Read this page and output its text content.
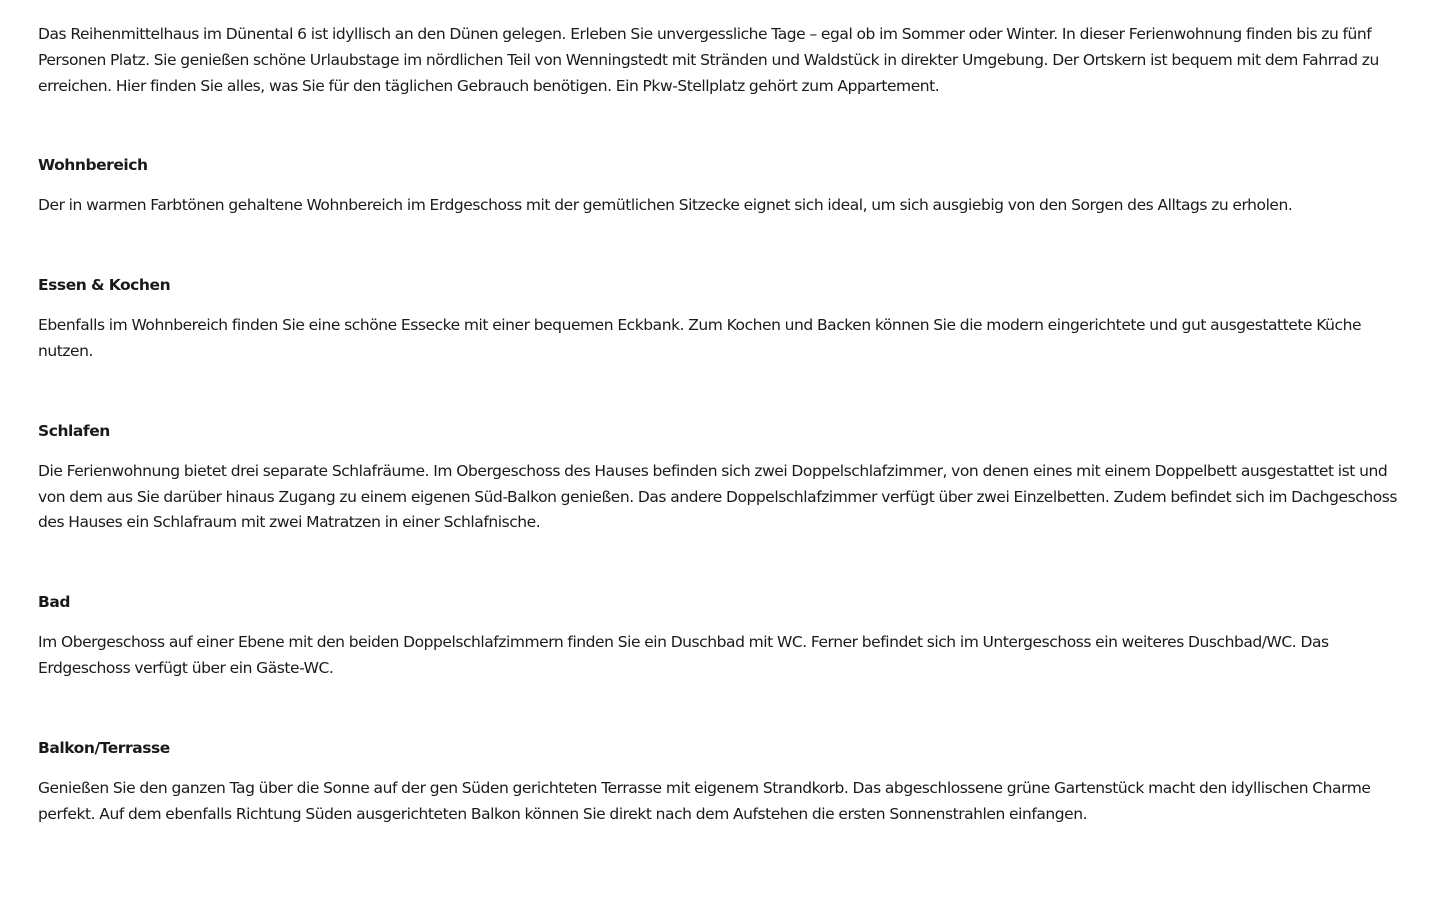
Das Reihenmittelhaus im Dünental 6 ist idyllisch an den Dünen gelegen. Erleben Sie unvergessliche Tage – egal ob im Sommer oder Winter. In dieser Ferienwohnung finden bis zu fünf Personen Platz. Sie genießen schöne Urlaubstage im nördlichen Teil von Wenningstedt mit Stränden und Waldstück in direkter Umgebung. Der Ortskern ist bequem mit dem Fahrrad zu erreichen. Hier finden Sie alles, was Sie für den täglichen Gebrauch benötigen. Ein Pkw-Stellplatz gehört zum Appartement.

Wohnbereich

Der in warmen Farbtönen gehaltene Wohnbereich im Erdgeschoss mit der gemütlichen Sitzecke eignet sich ideal, um sich ausgiebig von den Sorgen des Alltags zu erholen.

Essen & Kochen

Ebenfalls im Wohnbereich finden Sie eine schöne Essecke mit einer bequemen Eckbank. Zum Kochen und Backen können Sie die modern eingerichtete und gut ausgestattete Küche nutzen.

Schlafen

Die Ferienwohnung bietet drei separate Schlafräume. Im Obergeschoss des Hauses befinden sich zwei Doppelschlafzimmer, von denen eines mit einem Doppelbett ausgestattet ist und von dem aus Sie darüber hinaus Zugang zu einem eigenen Süd-Balkon genießen. Das andere Doppelschlafzimmer verfügt über zwei Einzelbetten. Zudem befindet sich im Dachgeschoss des Hauses ein Schlafraum mit zwei Matratzen in einer Schlafnische.

Bad

Im Obergeschoss auf einer Ebene mit den beiden Doppelschlafzimmern finden Sie ein Duschbad mit WC. Ferner befindet sich im Untergeschoss ein weiteres Duschbad/WC. Das Erdgeschoss verfügt über ein Gäste-WC.

Balkon/Terrasse

Genießen Sie den ganzen Tag über die Sonne auf der gen Süden gerichteten Terrasse mit eigenem Strandkorb. Das abgeschlossene grüne Gartenstück macht den idyllischen Charme perfekt. Auf dem ebenfalls Richtung Süden ausgerichteten Balkon können Sie direkt nach dem Aufstehen die ersten Sonnenstrahlen einfangen.
